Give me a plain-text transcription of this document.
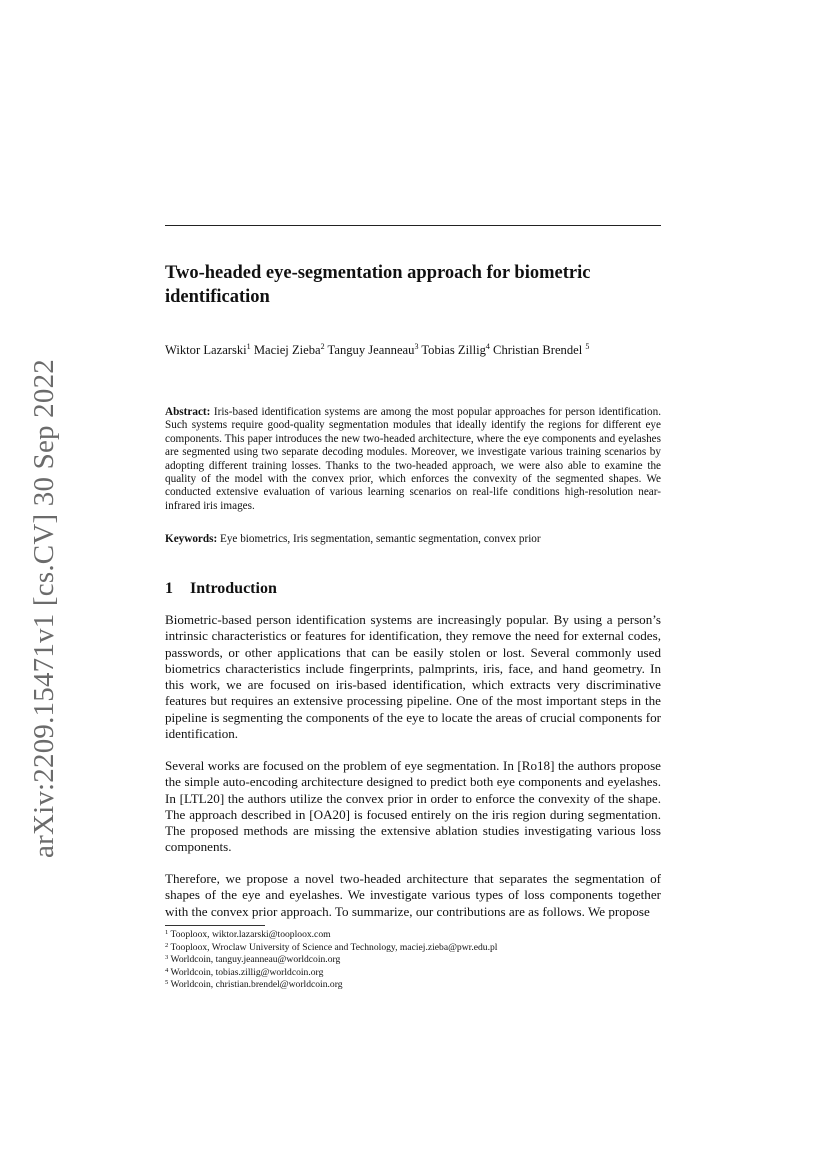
arXiv:2209.15471v1 [cs.CV] 30 Sep 2022
Two-headed eye-segmentation approach for biometric identification
Wiktor Lazarski$^1$ Maciej Zieba$^2$ Tanguy Jeanneau$^3$ Tobias Zillig$^4$ Christian Brendel $^5$
Abstract: Iris-based identification systems are among the most popular approaches for person identification. Such systems require good-quality segmentation modules that ideally identify the regions for different eye components. This paper introduces the new two-headed architecture, where the eye components and eyelashes are segmented using two separate decoding modules. Moreover, we investigate various training scenarios by adopting different training losses. Thanks to the two-headed approach, we were also able to examine the quality of the model with the convex prior, which enforces the convexity of the segmented shapes. We conducted extensive evaluation of various learning scenarios on real-life conditions high-resolution near-infrared iris images.
Keywords: Eye biometrics, Iris segmentation, semantic segmentation, convex prior
1 Introduction

Biometric-based person identification systems are increasingly popular. By using a person’s intrinsic characteristics or features for identification, they remove the need for external codes, passwords, or other applications that can be easily stolen or lost. Several commonly used biometrics characteristics include fingerprints, palmprints, iris, face, and hand geometry. In this work, we are focused on iris-based identification, which extracts very discriminative features but requires an extensive processing pipeline. One of the most important steps in the pipeline is segmenting the components of the eye to locate the areas of crucial components for identification.

Several works are focused on the problem of eye segmentation. In [Ro18] the authors propose the simple auto-encoding architecture designed to predict both eye components and eyelashes. In [LTL20] the authors utilize the convex prior in order to enforce the convexity of the shape. The approach described in [OA20] is focused entirely on the iris region during segmentation. The proposed methods are missing the extensive ablation studies investigating various loss components.

Therefore, we propose a novel two-headed architecture that separates the segmentation of shapes of the eye and eyelashes. We investigate various types of loss components together with the convex prior approach. To summarize, our contributions are as follows. We propose

$^1$ Tooploox, wiktor.lazarski@tooploox.com
$^2$ Tooploox, Wroclaw University of Science and Technology, maciej.zieba@pwr.edu.pl
$^3$ Worldcoin, tanguy.jeanneau@worldcoin.org
$^4$ Worldcoin, tobias.zillig@worldcoin.org
$^5$ Worldcoin, christian.brendel@worldcoin.org
